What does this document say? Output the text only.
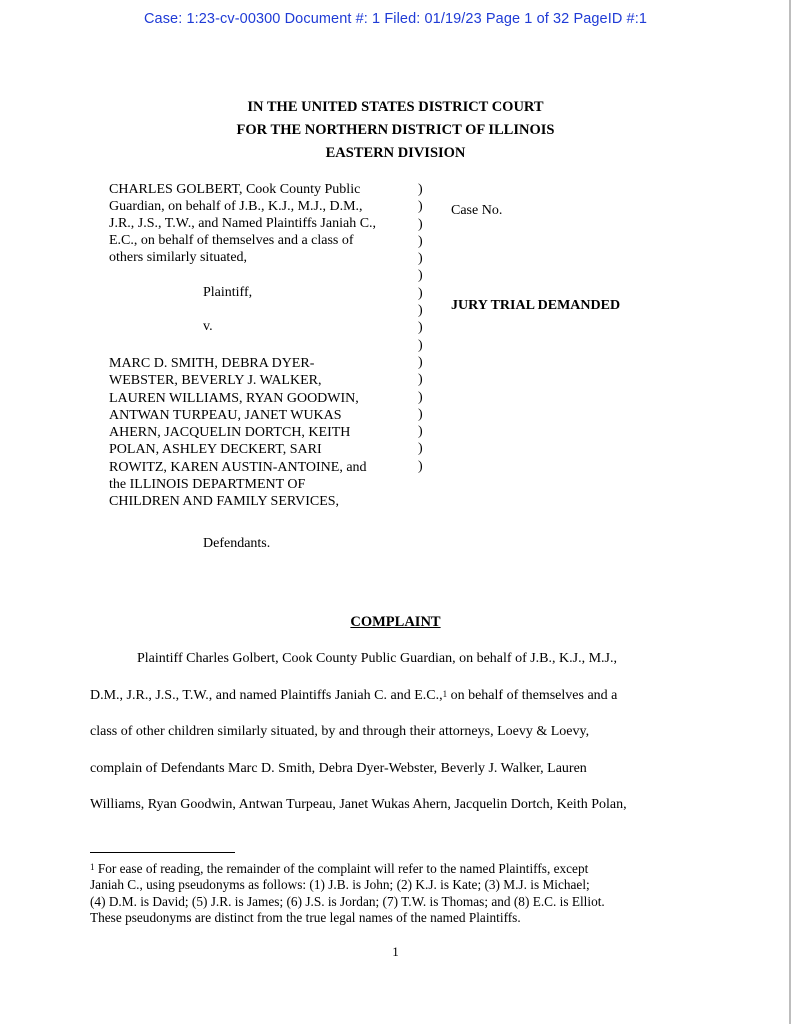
Case: 1:23-cv-00300 Document #: 1 Filed: 01/19/23 Page 1 of 32 PageID #:1
IN THE UNITED STATES DISTRICT COURT
FOR THE NORTHERN DISTRICT OF ILLINOIS
EASTERN DIVISION
CHARLES GOLBERT, Cook County Public
Guardian, on behalf of J.B., K.J., M.J., D.M.,
J.R., J.S., T.W., and Named Plaintiffs Janiah C.,
E.C., on behalf of themselves and a class of
others similarly situated,
Plaintiff,
v.
MARC D. SMITH, DEBRA DYER-
WEBSTER, BEVERLY J. WALKER,
LAUREN WILLIAMS, RYAN GOODWIN,
ANTWAN TURPEAU, JANET WUKAS
AHERN, JACQUELIN DORTCH, KEITH
POLAN, ASHLEY DECKERT, SARI
ROWITZ, KAREN AUSTIN-ANTOINE, and
the ILLINOIS DEPARTMENT OF
CHILDREN AND FAMILY SERVICES,
Defendants.
)
)
)
)
)
)
)
)
)
)
)
)
)
)
)
)
)
Case No.
JURY TRIAL DEMANDED
COMPLAINT
Plaintiff Charles Golbert, Cook County Public Guardian, on behalf of J.B., K.J., M.J.,
D.M., J.R., J.S., T.W., and named Plaintiffs Janiah C. and E.C.,$^1$ on behalf of themselves and a
class of other children similarly situated, by and through their attorneys, Loevy & Loevy,
complain of Defendants Marc D. Smith, Debra Dyer-Webster, Beverly J. Walker, Lauren
Williams, Ryan Goodwin, Antwan Turpeau, Janet Wukas Ahern, Jacquelin Dortch, Keith Polan,
$^1$ For ease of reading, the remainder of the complaint will refer to the named Plaintiffs, except
Janiah C., using pseudonyms as follows: (1) J.B. is John; (2) K.J. is Kate; (3) M.J. is Michael;
(4) D.M. is David; (5) J.R. is James; (6) J.S. is Jordan; (7) T.W. is Thomas; and (8) E.C. is Elliot.
These pseudonyms are distinct from the true legal names of the named Plaintiffs.
1
